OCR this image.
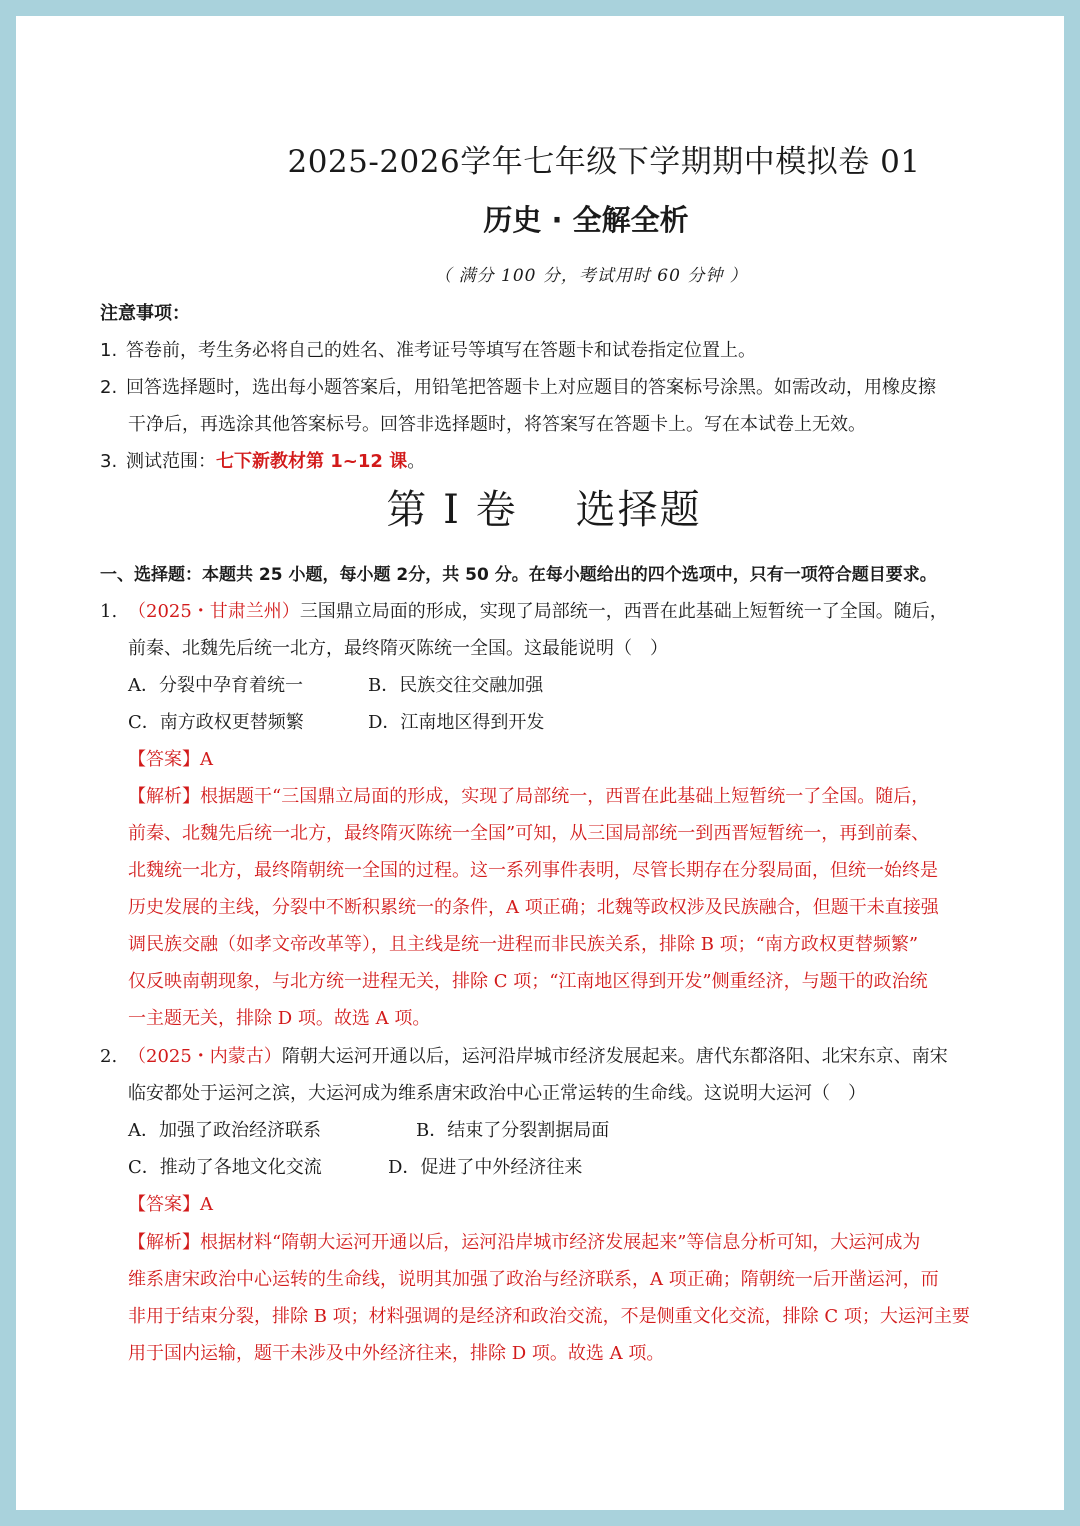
2025-2026学年七年级下学期期中模拟卷 01
历史 · 全解全析
（ 满分 100 分，考试用时 60 分钟 ）
注意事项：
1. 答卷前，考生务必将自己的姓名、准考证号等填写在答题卡和试卷指定位置上。
2. 回答选择题时，选出每小题答案后，用铅笔把答题卡上对应题目的答案标号涂黑。如需改动，用橡皮擦
干净后，再选涂其他答案标号。回答非选择题时，将答案写在答题卡上。写在本试卷上无效。
3. 测试范围：七下新教材第 1~12 课。
第 I 卷 选择题
一、选择题：本题共 25 小题，每小题 2分，共 50 分。在每小题给出的四个选项中，只有一项符合题目要求。
1. （2025・甘肃兰州）三国鼎立局面的形成，实现了局部统一，西晋在此基础上短暂统一了全国。随后，
前秦、北魏先后统一北方，最终隋灭陈统一全国。这最能说明（　）
A．分裂中孕育着统一	B．民族交往交融加强
C．南方政权更替频繁	D．江南地区得到开发
【答案】A
【解析】根据题干“三国鼎立局面的形成，实现了局部统一，西晋在此基础上短暂统一了全国。随后，
前秦、北魏先后统一北方，最终隋灭陈统一全国”可知，从三国局部统一到西晋短暂统一，再到前秦、
北魏统一北方，最终隋朝统一全国的过程。这一系列事件表明，尽管长期存在分裂局面，但统一始终是
历史发展的主线，分裂中不断积累统一的条件，A 项正确；北魏等政权涉及民族融合，但题干未直接强
调民族交融（如孝文帝改革等），且主线是统一进程而非民族关系，排除 B 项；“南方政权更替频繁”
仅反映南朝现象，与北方统一进程无关，排除 C 项；“江南地区得到开发”侧重经济，与题干的政治统
一主题无关，排除 D 项。故选 A 项。
2. （2025・内蒙古）隋朝大运河开通以后，运河沿岸城市经济发展起来。唐代东都洛阳、北宋东京、南宋
临安都处于运河之滨，大运河成为维系唐宋政治中心正常运转的生命线。这说明大运河（　）
A．加强了政治经济联系	B．结束了分裂割据局面
C．推动了各地文化交流	D．促进了中外经济往来
【答案】A
【解析】根据材料“隋朝大运河开通以后，运河沿岸城市经济发展起来”等信息分析可知，大运河成为
维系唐宋政治中心运转的生命线，说明其加强了政治与经济联系，A 项正确；隋朝统一后开凿运河，而
非用于结束分裂，排除 B 项；材料强调的是经济和政治交流，不是侧重文化交流，排除 C 项；大运河主要
用于国内运输，题干未涉及中外经济往来，排除 D 项。故选 A 项。
